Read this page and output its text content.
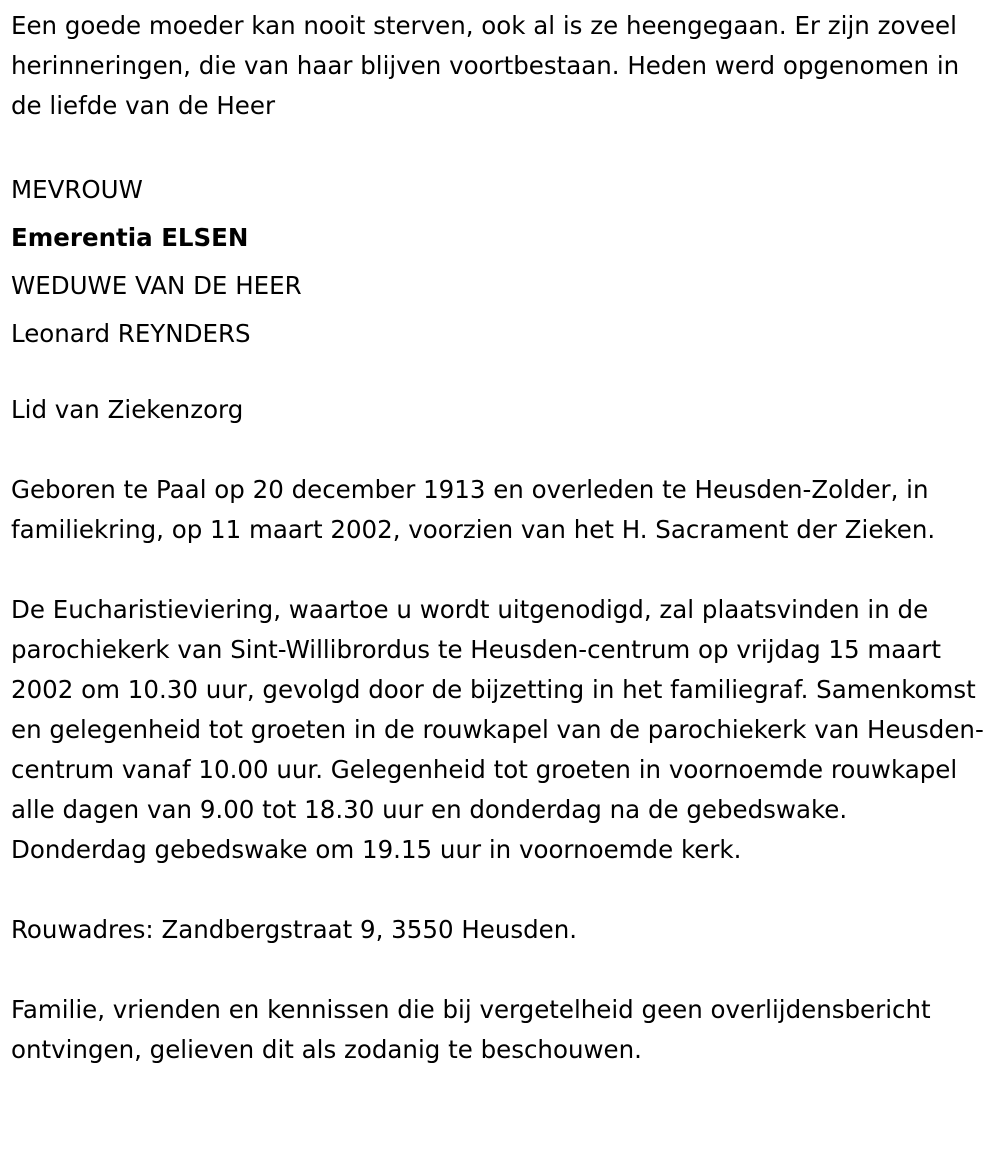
Een goede moeder kan nooit sterven, ook al is ze heengegaan. Er zijn zoveel herinneringen, die van haar blijven voortbestaan. Heden werd opgenomen in de liefde van de Heer

MEVROUW

Emerentia ELSEN

WEDUWE VAN DE HEER

Leonard REYNDERS

Lid van Ziekenzorg

Geboren te Paal op 20 december 1913 en overleden te Heusden-Zolder, in familiekring, op 11 maart 2002, voorzien van het H. Sacrament der Zieken.

De Eucharistieviering, waartoe u wordt uitgenodigd, zal plaatsvinden in de parochiekerk van Sint-Willibrordus te Heusden-centrum op vrijdag 15 maart 2002 om 10.30 uur, gevolgd door de bijzetting in het familiegraf. Samenkomst en gelegenheid tot groeten in de rouwkapel van de parochiekerk van Heusden-centrum vanaf 10.00 uur. Gelegenheid tot groeten in voornoemde rouwkapel alle dagen van 9.00 tot 18.30 uur en donderdag na de gebedswake. Donderdag gebedswake om 19.15 uur in voornoemde kerk.

Rouwadres: Zandbergstraat 9, 3550 Heusden.

Familie, vrienden en kennissen die bij vergetelheid geen overlijdensbericht ontvingen, gelieven dit als zodanig te beschouwen.
